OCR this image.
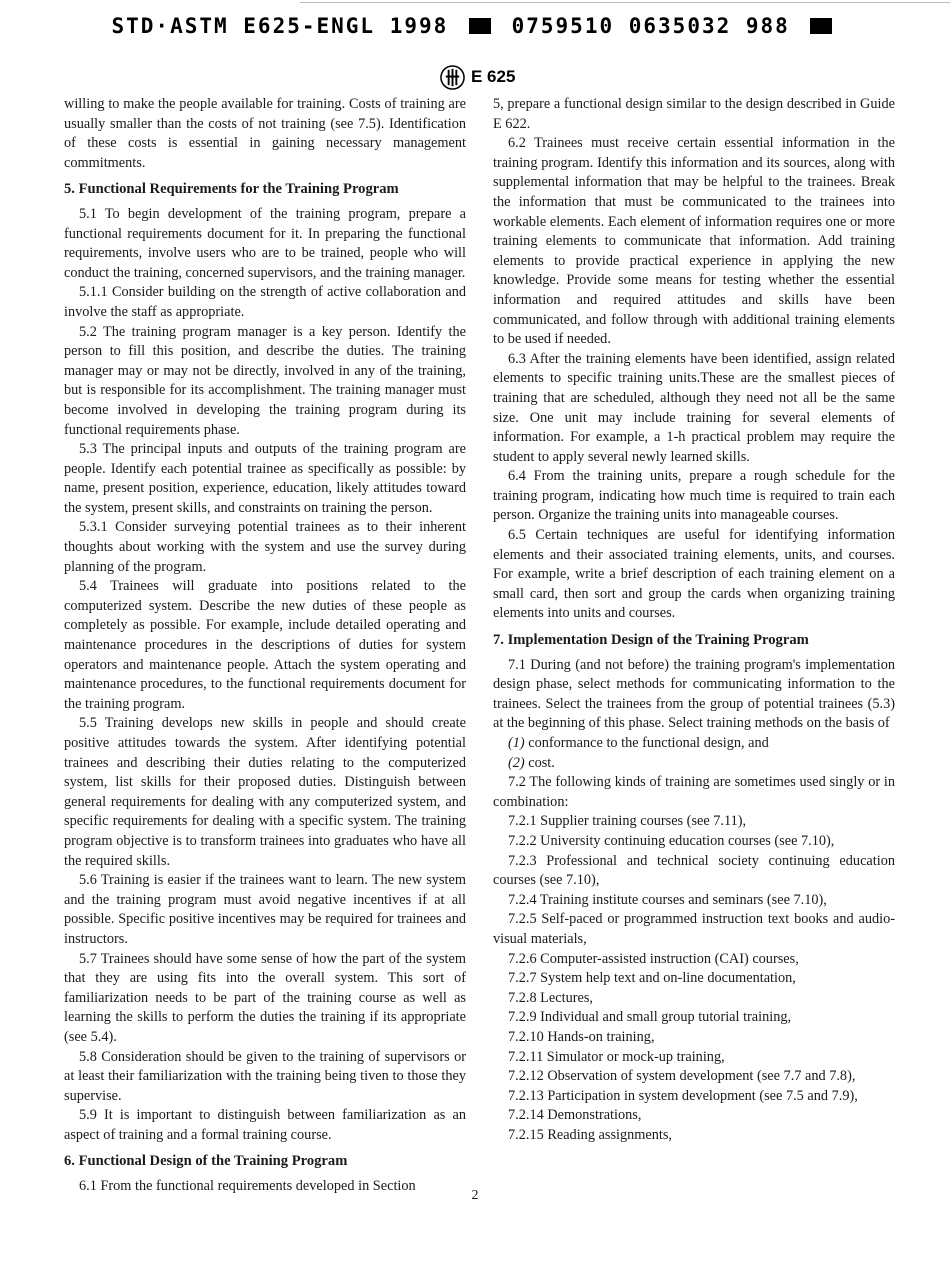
STD·ASTM E625-ENGL 1998	0759510 0635032 988
E 625

willing to make the people available for training. Costs of training are usually smaller than the costs of not training (see 7.5). Identification of these costs is essential in gaining necessary management commitments.

5. Functional Requirements for the Training Program

5.1 To begin development of the training program, prepare a functional requirements document for it. In preparing the functional requirements, involve users who are to be trained, people who will conduct the training, concerned supervisors, and the training manager.

5.1.1 Consider building on the strength of active collaboration and involve the staff as appropriate.

5.2 The training program manager is a key person. Identify the person to fill this position, and describe the duties. The training manager may or may not be directly, involved in any of the training, but is responsible for its accomplishment. The training manager must become involved in developing the training program during its functional requirements phase.

5.3 The principal inputs and outputs of the training program are people. Identify each potential trainee as specifically as possible: by name, present position, experience, education, likely attitudes toward the system, present skills, and constraints on training the person.

5.3.1 Consider surveying potential trainees as to their inherent thoughts about working with the system and use the survey during planning of the program.

5.4 Trainees will graduate into positions related to the computerized system. Describe the new duties of these people as completely as possible. For example, include detailed operating and maintenance procedures in the descriptions of duties for system operators and maintenance people. Attach the system operating and maintenance procedures, to the functional requirements document for the training program.

5.5 Training develops new skills in people and should create positive attitudes towards the system. After identifying potential trainees and describing their duties relating to the computerized system, list skills for their proposed duties. Distinguish between general requirements for dealing with any computerized system, and specific requirements for dealing with a specific system. The training program objective is to transform trainees into graduates who have all the required skills.

5.6 Training is easier if the trainees want to learn. The new system and the training program must avoid negative incentives if at all possible. Specific positive incentives may be required for trainees and instructors.

5.7 Trainees should have some sense of how the part of the system that they are using fits into the overall system. This sort of familiarization needs to be part of the training course as well as learning the skills to perform the duties the training if its appropriate (see 5.4).

5.8 Consideration should be given to the training of supervisors or at least their familiarization with the training being tiven to those they supervise.

5.9 It is important to distinguish between familiarization as an aspect of training and a formal training course.

6. Functional Design of the Training Program

6.1 From the functional requirements developed in Section

5, prepare a functional design similar to the design described in Guide E 622.

6.2 Trainees must receive certain essential information in the training program. Identify this information and its sources, along with supplemental information that may be helpful to the trainees. Break the information that must be communicated to the trainees into workable elements. Each element of information requires one or more training elements to communicate that information. Add training elements to provide practical experience in applying the new knowledge. Provide some means for testing whether the essential information and required attitudes and skills have been communicated, and follow through with additional training elements to be used if needed.

6.3 After the training elements have been identified, assign related elements to specific training units.These are the smallest pieces of training that are scheduled, although they need not all be the same size. One unit may include training for several elements of information. For example, a 1-h practical problem may require the student to apply several newly learned skills.

6.4 From the training units, prepare a rough schedule for the training program, indicating how much time is required to train each person. Organize the training units into manageable courses.

6.5 Certain techniques are useful for identifying information elements and their associated training elements, units, and courses. For example, write a brief description of each training element on a small card, then sort and group the cards when organizing training elements into units and courses.

7. Implementation Design of the Training Program

7.1 During (and not before) the training program's implementation design phase, select methods for communicating information to the trainees. Select the trainees from the group of potential trainees (5.3) at the beginning of this phase. Select training methods on the basis of

(1) conformance to the functional design, and

(2) cost.

7.2 The following kinds of training are sometimes used singly or in combination:

7.2.1 Supplier training courses (see 7.11),

7.2.2 University continuing education courses (see 7.10),

7.2.3 Professional and technical society continuing education courses (see 7.10),

7.2.4 Training institute courses and seminars (see 7.10),

7.2.5 Self-paced or programmed instruction text books and audio-visual materials,

7.2.6 Computer-assisted instruction (CAI) courses,

7.2.7 System help text and on-line documentation,

7.2.8 Lectures,

7.2.9 Individual and small group tutorial training,

7.2.10 Hands-on training,

7.2.11 Simulator or mock-up training,

7.2.12 Observation of system development (see 7.7 and 7.8),

7.2.13 Participation in system development (see 7.5 and 7.9),

7.2.14 Demonstrations,

7.2.15 Reading assignments,

2
